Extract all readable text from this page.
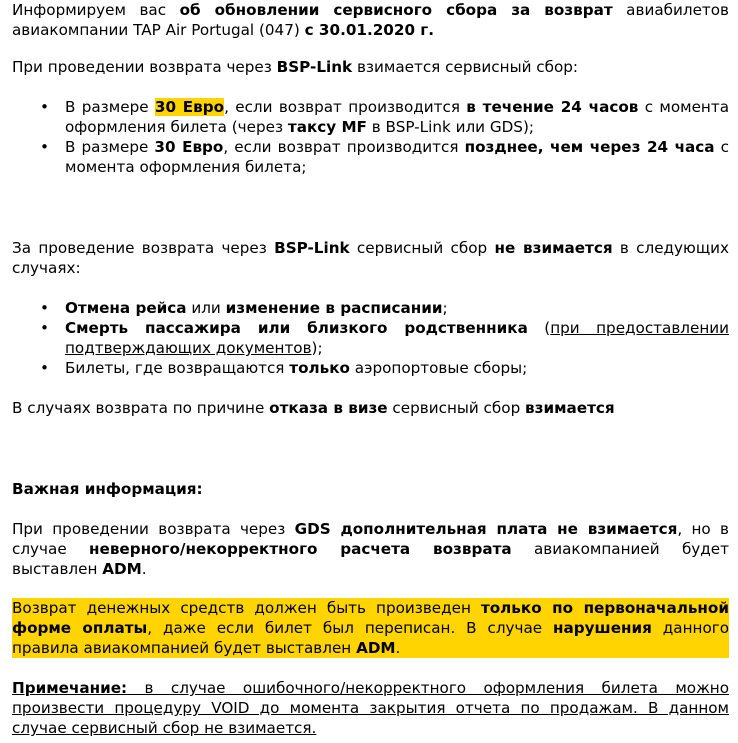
Информируем вас об обновлении сервисного сбора за возврат авиабилетов авиакомпании TAP Air Portugal (047) с 30.01.2020 г.

При проведении возврата через BSP-Link взимается сервисный сбор:

• В размере 30 Евро, если возврат производится в течение 24 часов с момента оформления билета (через таксу MF в BSP-Link или GDS);
• В размере 30 Евро, если возврат производится позднее, чем через 24 часа с момента оформления билета;

За проведение возврата через BSP-Link сервисный сбор не взимается в следующих случаях:

• Отмена рейса или изменение в расписании;
• Смерть пассажира или близкого родственника (при предоставлении подтверждающих документов);
• Билеты, где возвращаются только аэропортовые сборы;

В случаях возврата по причине отказа в визе сервисный сбор взимается

Важная информация:

При проведении возврата через GDS дополнительная плата не взимается, но в случае неверного/некорректного расчета возврата авиакомпанией будет выставлен ADM.

Возврат денежных средств должен быть произведен только по первоначальной форме оплаты, даже если билет был переписан. В случае нарушения данного правила авиакомпанией будет выставлен ADM.

Примечание: в случае ошибочного/некорректного оформления билета можно произвести процедуру VOID до момента закрытия отчета по продажам. В данном случае сервисный сбор не взимается.
